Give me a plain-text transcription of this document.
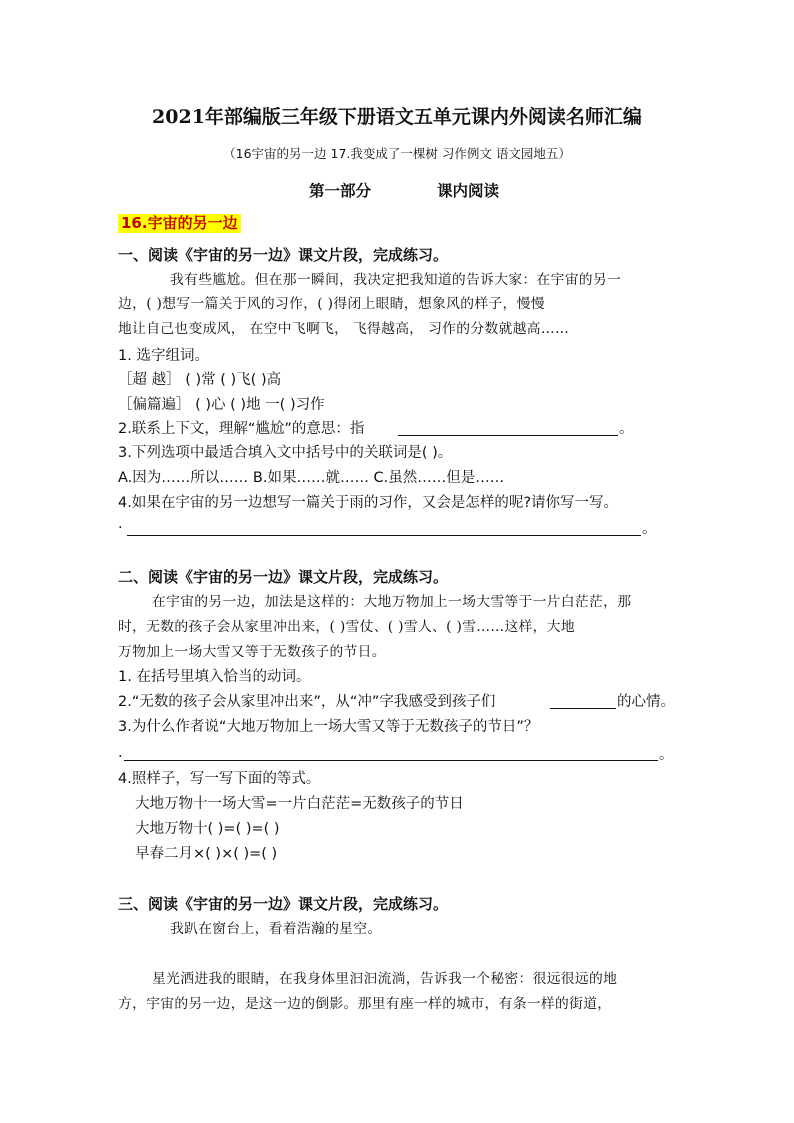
2021年部编版三年级下册语文五单元课内外阅读名师汇编
（16宇宙的另一边 17.我变成了一棵树 习作例文 语文园地五）
第一部分	课内阅读
16.宇宙的另一边
一、阅读《宇宙的另一边》课文片段，完成练习。
我有些尴尬。但在那一瞬间，我决定把我知道的告诉大家：在宇宙的另一
边，( )想写一篇关于风的习作，( )得闭上眼睛，想象风的样子，慢慢
地让自己也变成风， 在空中飞啊飞， 飞得越高， 习作的分数就越高……
1. 选字组词。
［超 越］ ( )常 ( )飞( )高
［偏篇遍］ ( )心 ( )地 一( )习作
2.联系上下文，理解“尴尬”的意思：指	。
3.下列选项中最适合填入文中括号中的关联词是( )。
A.因为……所以…… B.如果……就…… C.虽然……但是……
4.如果在宇宙的另一边想写一篇关于雨的习作，又会是怎样的呢?请你写一写。
·	。
二、阅读《宇宙的另一边》课文片段，完成练习。
在宇宙的另一边，加法是这样的：大地万物加上一场大雪等于一片白茫茫，那
时，无数的孩子会从家里冲出来，( )雪仗、( )雪人、( )雪……这样，大地
万物加上一场大雪又等于无数孩子的节日。
1. 在括号里填入恰当的动词。
2.“无数的孩子会从家里冲出来”，从“冲”字我感受到孩子们	的心情。
3.为什么作者说“大地万物加上一场大雪又等于无数孩子的节日”？
.	。
4.照样子，写一写下面的等式。
大地万物十一场大雪=一片白茫茫=无数孩子的节日
大地万物十( )=( )=( )
早春二月×( )×( )=( )
三、阅读《宇宙的另一边》课文片段，完成练习。
我趴在窗台上，看着浩瀚的星空。
星光洒进我的眼睛，在我身体里汩汩流淌，告诉我一个秘密：很远很远的地
方，宇宙的另一边，是这一边的倒影。那里有座一样的城市，有条一样的街道，
